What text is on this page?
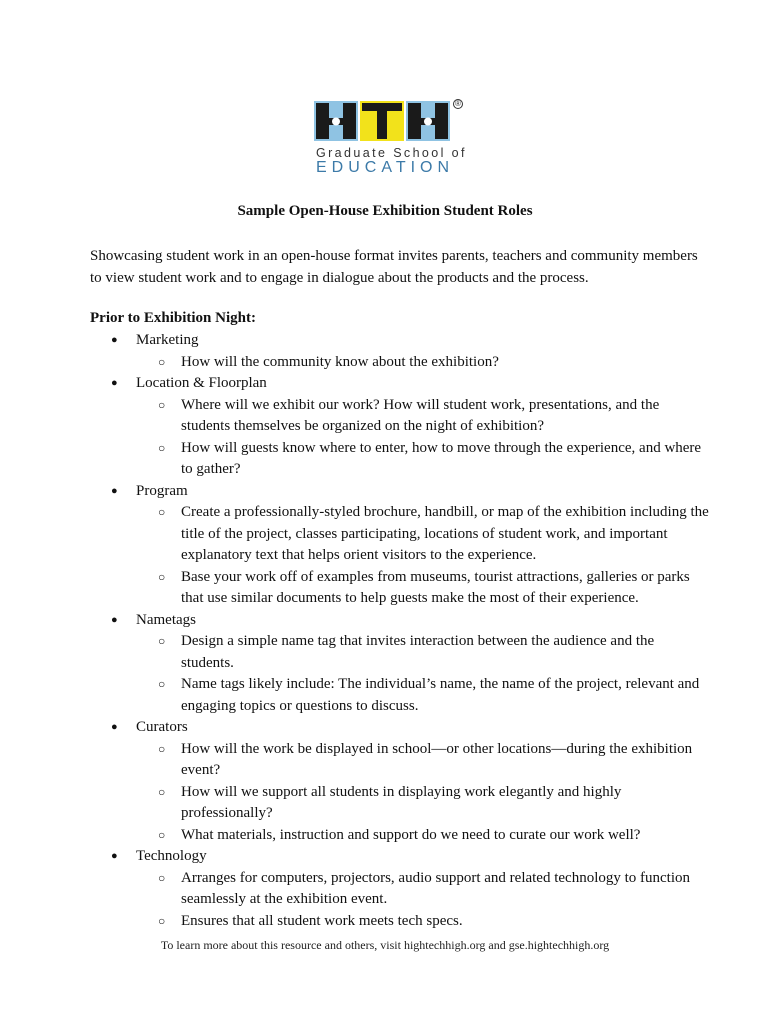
®
Graduate School of
EDUCATION
Sample Open-House Exhibition Student Roles

Showcasing student work in an open-house format invites parents, teachers and community members to view student work and to engage in dialogue about the products and the process.

Prior to Exhibition Night:
● Marketing
○ How will the community know about the exhibition?
● Location & Floorplan
○ Where will we exhibit our work? How will student work, presentations, and the students themselves be organized on the night of exhibition?
○ How will guests know where to enter, how to move through the experience, and where to gather?
● Program
○ Create a professionally-styled brochure, handbill, or map of the exhibition including the title of the project, classes participating, locations of student work, and important explanatory text that helps orient visitors to the experience.
○ Base your work off of examples from museums, tourist attractions, galleries or parks that use similar documents to help guests make the most of their experience.
● Nametags
○ Design a simple name tag that invites interaction between the audience and the students.
○ Name tags likely include: The individual’s name, the name of the project, relevant and engaging topics or questions to discuss.
● Curators
○ How will the work be displayed in school—or other locations—during the exhibition event?
○ How will we support all students in displaying work elegantly and highly professionally?
○ What materials, instruction and support do we need to curate our work well?
● Technology
○ Arranges for computers, projectors, audio support and related technology to function seamlessly at the exhibition event.
○ Ensures that all student work meets tech specs.
To learn more about this resource and others, visit hightechhigh.org and gse.hightechhigh.org
